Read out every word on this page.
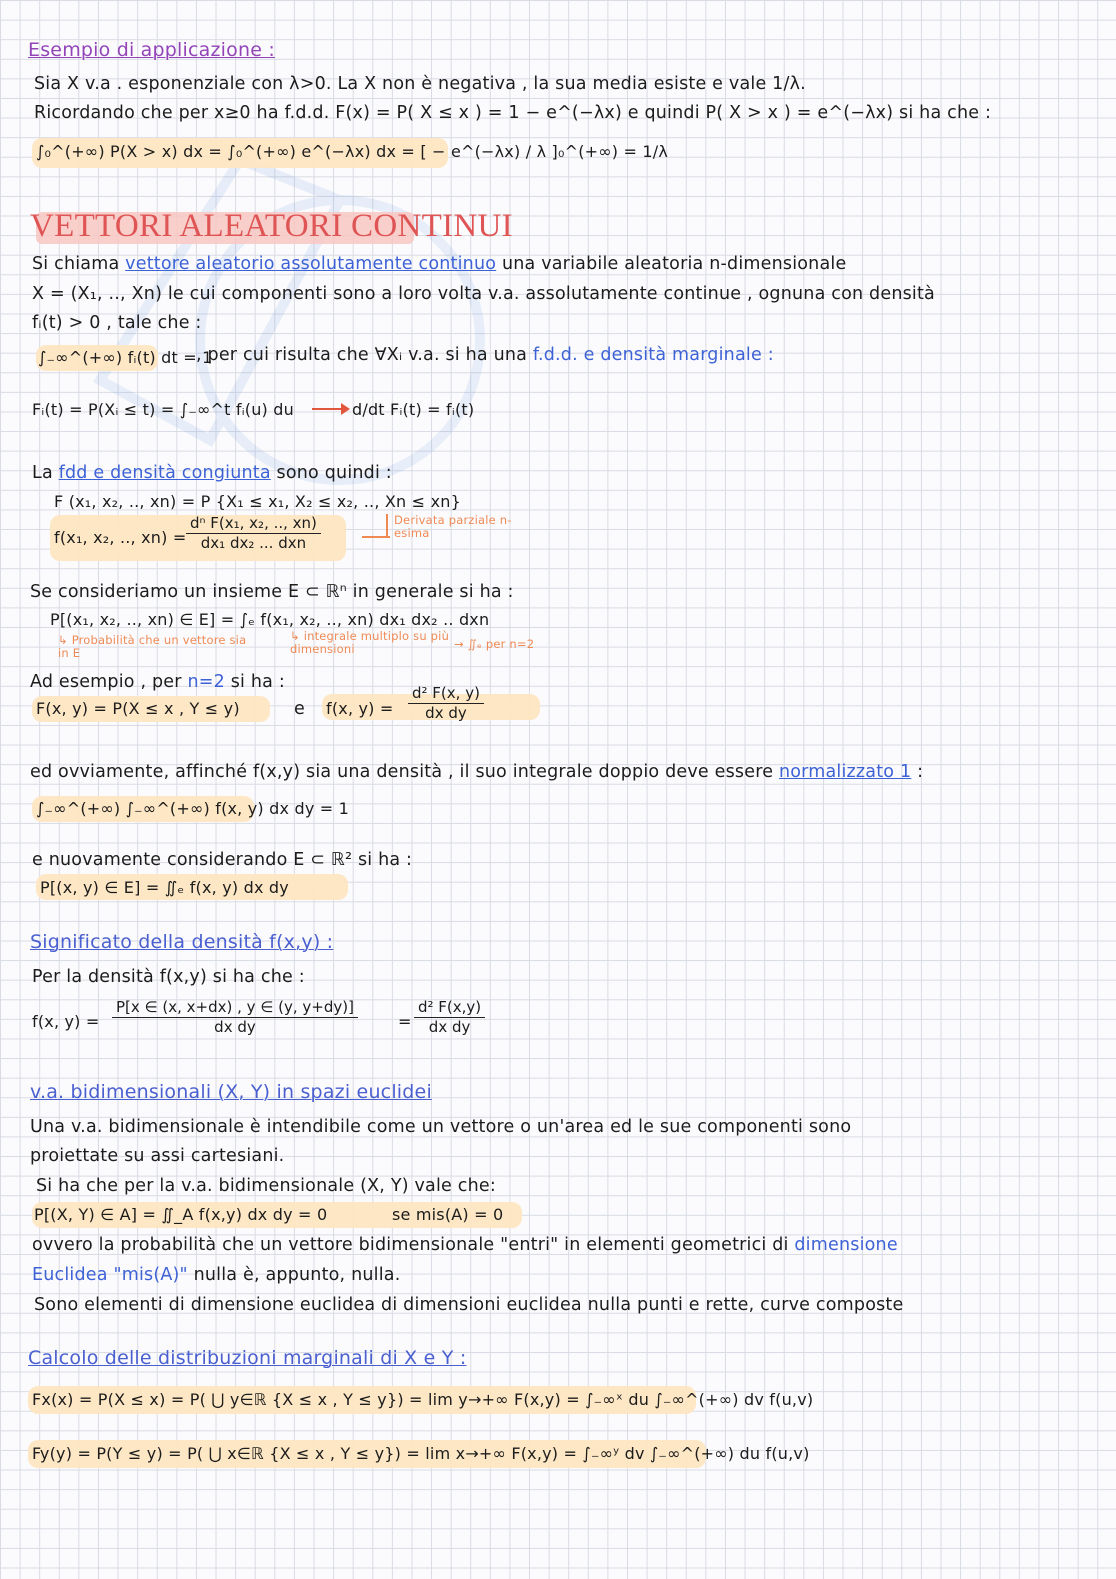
Esempio di applicazione :
Sia X v.a . esponenziale con λ>0. La X non è negativa , la sua media esiste e vale 1/λ.
Ricordando che per x≥0 ha f.d.d. F(x) = P( X ≤ x ) = 1 − e^(−λx) e quindi P( X > x ) = e^(−λx) si ha che :
∫₀^(+∞) P(X > x) dx = ∫₀^(+∞) e^(−λx) dx = [ − e^(−λx) / λ ]₀^(+∞) = 1/λ
VETTORI ALEATORI CONTINUI
Si chiama vettore aleatorio assolutamente continuo una variabile aleatoria n-dimensionale
X = (X₁, .., Xn) le cui componenti sono a loro volta v.a. assolutamente continue , ognuna con densità
fᵢ(t) > 0 , tale che :
∫₋∞^(+∞) fᵢ(t) dt = 1
, per cui risulta che ∀Xᵢ v.a. si ha una f.d.d. e densità marginale :
Fᵢ(t) = P(Xᵢ ≤ t) = ∫₋∞^t fᵢ(u) du	d/dt Fᵢ(t) = fᵢ(t)
La fdd e densità congiunta sono quindi :
F (x₁, x₂, .., xn) = P {X₁ ≤ x₁, X₂ ≤ x₂, .., Xn ≤ xn}
f(x₁, x₂, .., xn) =
dⁿ F(x₁, x₂, .., xn)
dx₁ dx₂ ... dxn
Derivata parziale n-esima
Se consideriamo un insieme E ⊂ ℝⁿ in generale si ha :
P[(x₁, x₂, .., xn) ∈ E] = ∫ₑ f(x₁, x₂, .., xn) dx₁ dx₂ .. dxn
↳ Probabilità che un vettore sia in E
↳ integrale multiplo su più dimensioni	→ ∬ₑ per n=2
Ad esempio , per n=2 si ha :
F(x, y) = P(X ≤ x , Y ≤ y)	e f(x, $y) = \frac{\text{d² F(x, y)}}{\text{dx dy}}$
ed ovviamente, affinché f(x,y) sia una densità , il suo integrale doppio deve essere normalizzato 1 :
∫₋∞^(+∞) ∫₋∞^(+∞) f(x, y) dx dy = 1
e nuovamente considerando E ⊂ ℝ² si ha :
P[(x, y) ∈ E] = ∬ₑ f(x, y) dx dy
Significato della densità f(x,y) :
Per la densità f(x,y) si ha che :
f(x, $y) = \frac{P[x \in (x, x+dx) , y \in (y, y+dy)]}{\text{dx dy}}$	= $\frac{\text{d² F(x,y)}}{\text{dx dy}}$
v.a. bidimensionali (X, Y) in spazi euclidei
Una v.a. bidimensionale è intendibile come un vettore o un'area ed le sue componenti sono
proiettate su assi cartesiani.
Si ha che per la v.a. bidimensionale (X, Y) vale che:
P[(X, Y) ∈ A] = ∬_A f(x,y) dx dy = 0	se mis(A) = 0
ovvero la probabilità che un vettore bidimensionale "entri" in elementi geometrici di dimensione
Euclidea "mis(A)" nulla è, appunto, nulla.
Sono elementi di dimensione euclidea di dimensioni euclidea nulla punti e rette, curve composte
Calcolo delle distribuzioni marginali di X e Y :
Fx(x) = P(X ≤ x) = P( ⋃ y∈ℝ {X ≤ x , Y ≤ y}) = lim y→+∞ F(x,y) = ∫₋∞ˣ du ∫₋∞^(+∞) dv f(u,v)
Fy(y) = P(Y ≤ y) = P( ⋃ x∈ℝ {X ≤ x , Y ≤ y}) = lim x→+∞ F(x,y) = ∫₋∞ʸ dv ∫₋∞^(+∞) du f(u,v)
